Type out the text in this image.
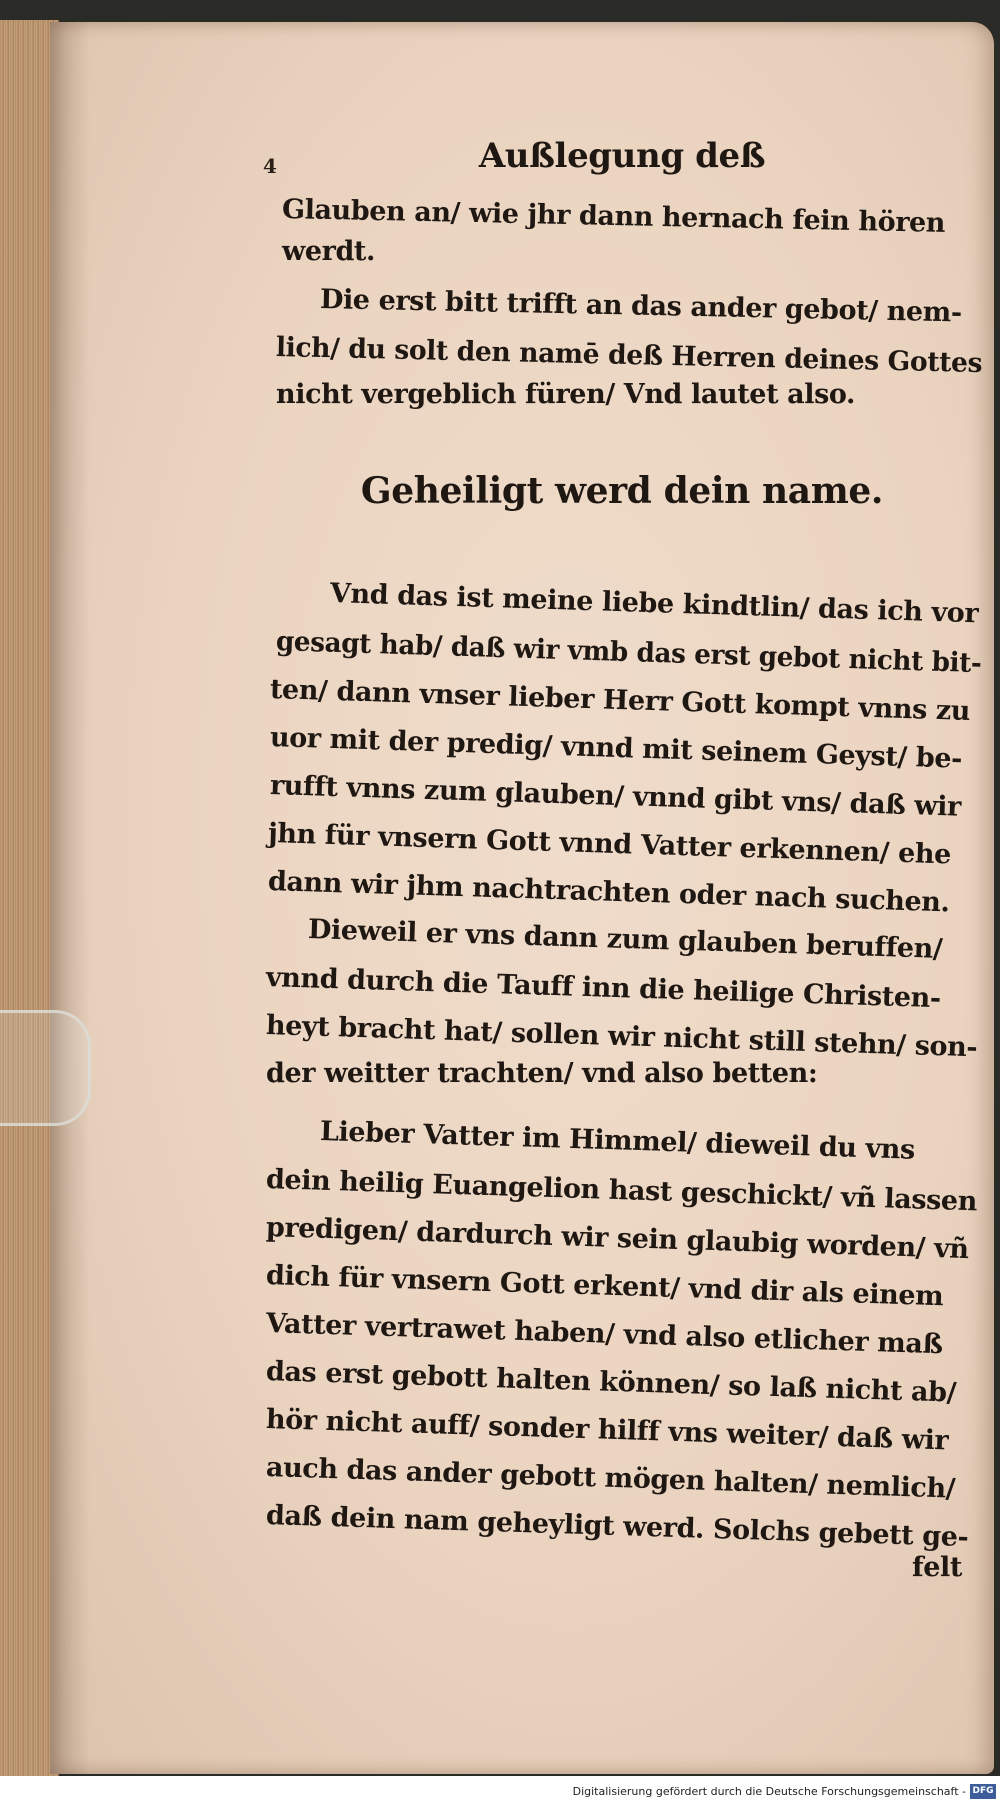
4	Außlegung deß
Glauben an/ wie jhr dann hernach fein hören
werdt.
Die erst bitt trifft an das ander gebot/ nem-
lich/ du solt den namē deß Herren deines Gottes
nicht vergeblich füren/ Vnd lautet also.
Geheiligt werd dein name.
Vnd das ist meine liebe kindtlin/ das ich vor
gesagt hab/ daß wir vmb das erst gebot nicht bit-
ten/ dann vnser lieber Herr Gott kompt vnns zu
uor mit der predig/ vnnd mit seinem Geyst/ be-
rufft vnns zum glauben/ vnnd gibt vns/ daß wir
jhn für vnsern Gott vnnd Vatter erkennen/ ehe
dann wir jhm nachtrachten oder nach suchen.
Dieweil er vns dann zum glauben beruffen/
vnnd durch die Tauff inn die heilige Christen-
heyt bracht hat/ sollen wir nicht still stehn/ son-
der weitter trachten/ vnd also betten:
Lieber Vatter im Himmel/ dieweil du vns
dein heilig Euangelion hast geschickt/ vñ lassen
predigen/ dardurch wir sein glaubig worden/ vñ
dich für vnsern Gott erkent/ vnd dir als einem
Vatter vertrawet haben/ vnd also etlicher maß
das erst gebott halten können/ so laß nicht ab/
hör nicht auff/ sonder hilff vns weiter/ daß wir
auch das ander gebott mögen halten/ nemlich/
daß dein nam geheyligt werd. Solchs gebett ge-
felt
Digitalisierung gefördert durch die Deutsche Forschungsgemeinschaft - DFG
